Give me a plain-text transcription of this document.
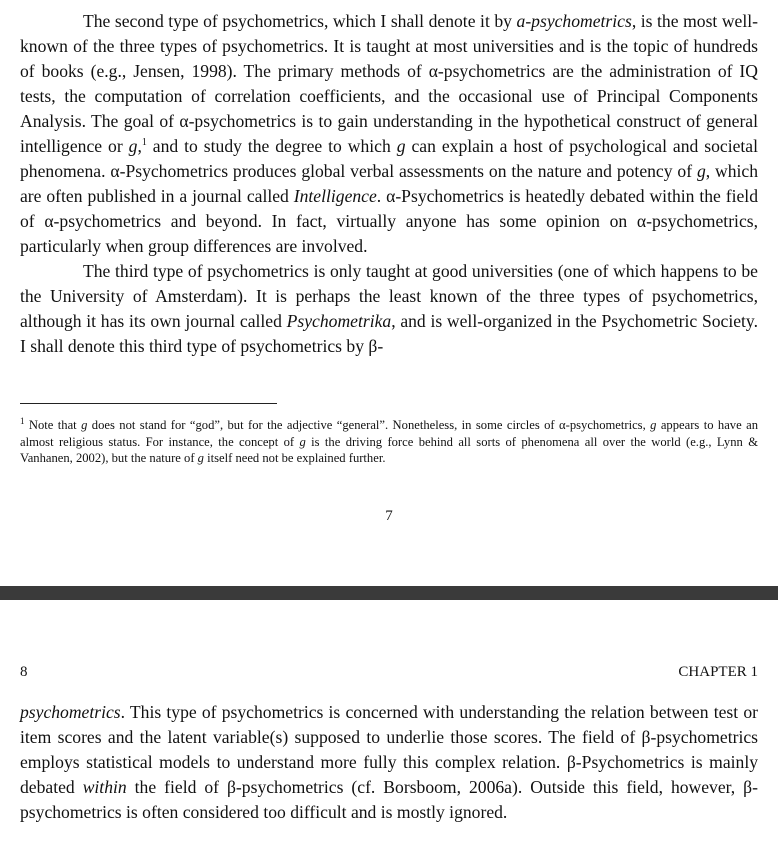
The second type of psychometrics, which I shall denote it by a-psychometrics, is the most well-known of the three types of psychometrics. It is taught at most universities and is the topic of hundreds of books (e.g., Jensen, 1998). The primary methods of α-psychometrics are the administration of IQ tests, the computation of correlation coefficients, and the occasional use of Principal Components Analysis. The goal of α-psychometrics is to gain understanding in the hypothetical construct of general intelligence or g,$^1$ and to study the degree to which g can explain a host of psychological and societal phenomena. α-Psychometrics produces global verbal assessments on the nature and potency of g, which are often published in a journal called Intelligence. α-Psychometrics is heatedly debated within the field of α-psychometrics and beyond. In fact, virtually anyone has some opinion on α-psychometrics, particularly when group differences are involved.

The third type of psychometrics is only taught at good universities (one of which happens to be the University of Amsterdam). It is perhaps the least known of the three types of psychometrics, although it has its own journal called Psychometrika, and is well-organized in the Psychometric Society. I shall denote this third type of psychometrics by β-

$^1$ Note that g does not stand for “god”, but for the adjective “general”. Nonetheless, in some circles of α-psychometrics, g appears to have an almost religious status. For instance, the concept of g is the driving force behind all sorts of phenomena all over the world (e.g., Lynn & Vanhanen, 2002), but the nature of g itself need not be explained further.
7
8	CHAPTER 1

psychometrics. This type of psychometrics is concerned with understanding the relation between test or item scores and the latent variable(s) supposed to underlie those scores. The field of β-psychometrics employs statistical models to understand more fully this complex relation. β-Psychometrics is mainly debated within the field of β-psychometrics (cf. Borsboom, 2006a). Outside this field, however, β-psychometrics is often considered too difficult and is mostly ignored.
